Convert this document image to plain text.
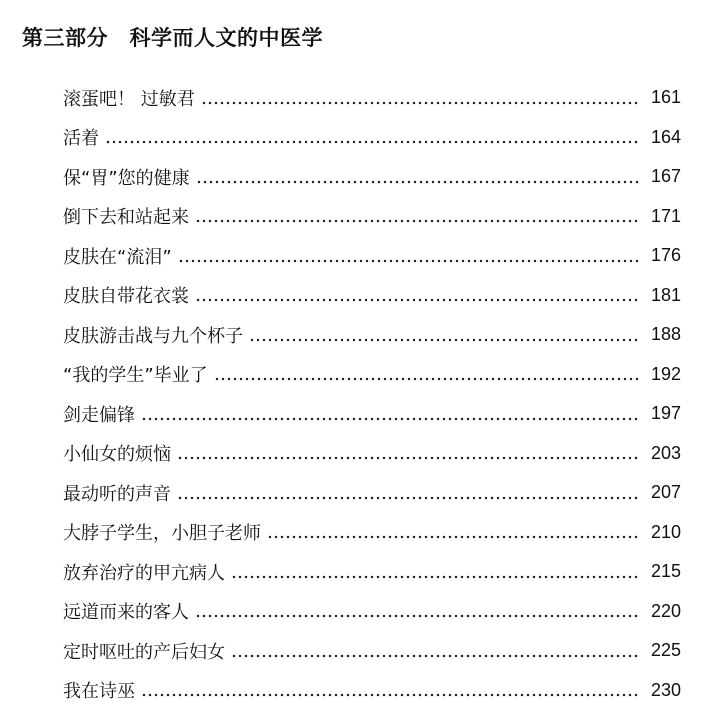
第三部分　科学而人文的中医学
滚蛋吧！ 过敏君	161
活着	164
保“胃”您的健康	167
倒下去和站起来	171
皮肤在“流泪”	176
皮肤自带花衣裳	181
皮肤游击战与九个杯子	188
“我的学生”毕业了	192
剑走偏锋	197
小仙女的烦恼	203
最动听的声音	207
大脖子学生，小胆子老师	210
放弃治疗的甲亢病人	215
远道而来的客人	220
定时呕吐的产后妇女	225
我在诗巫	230
